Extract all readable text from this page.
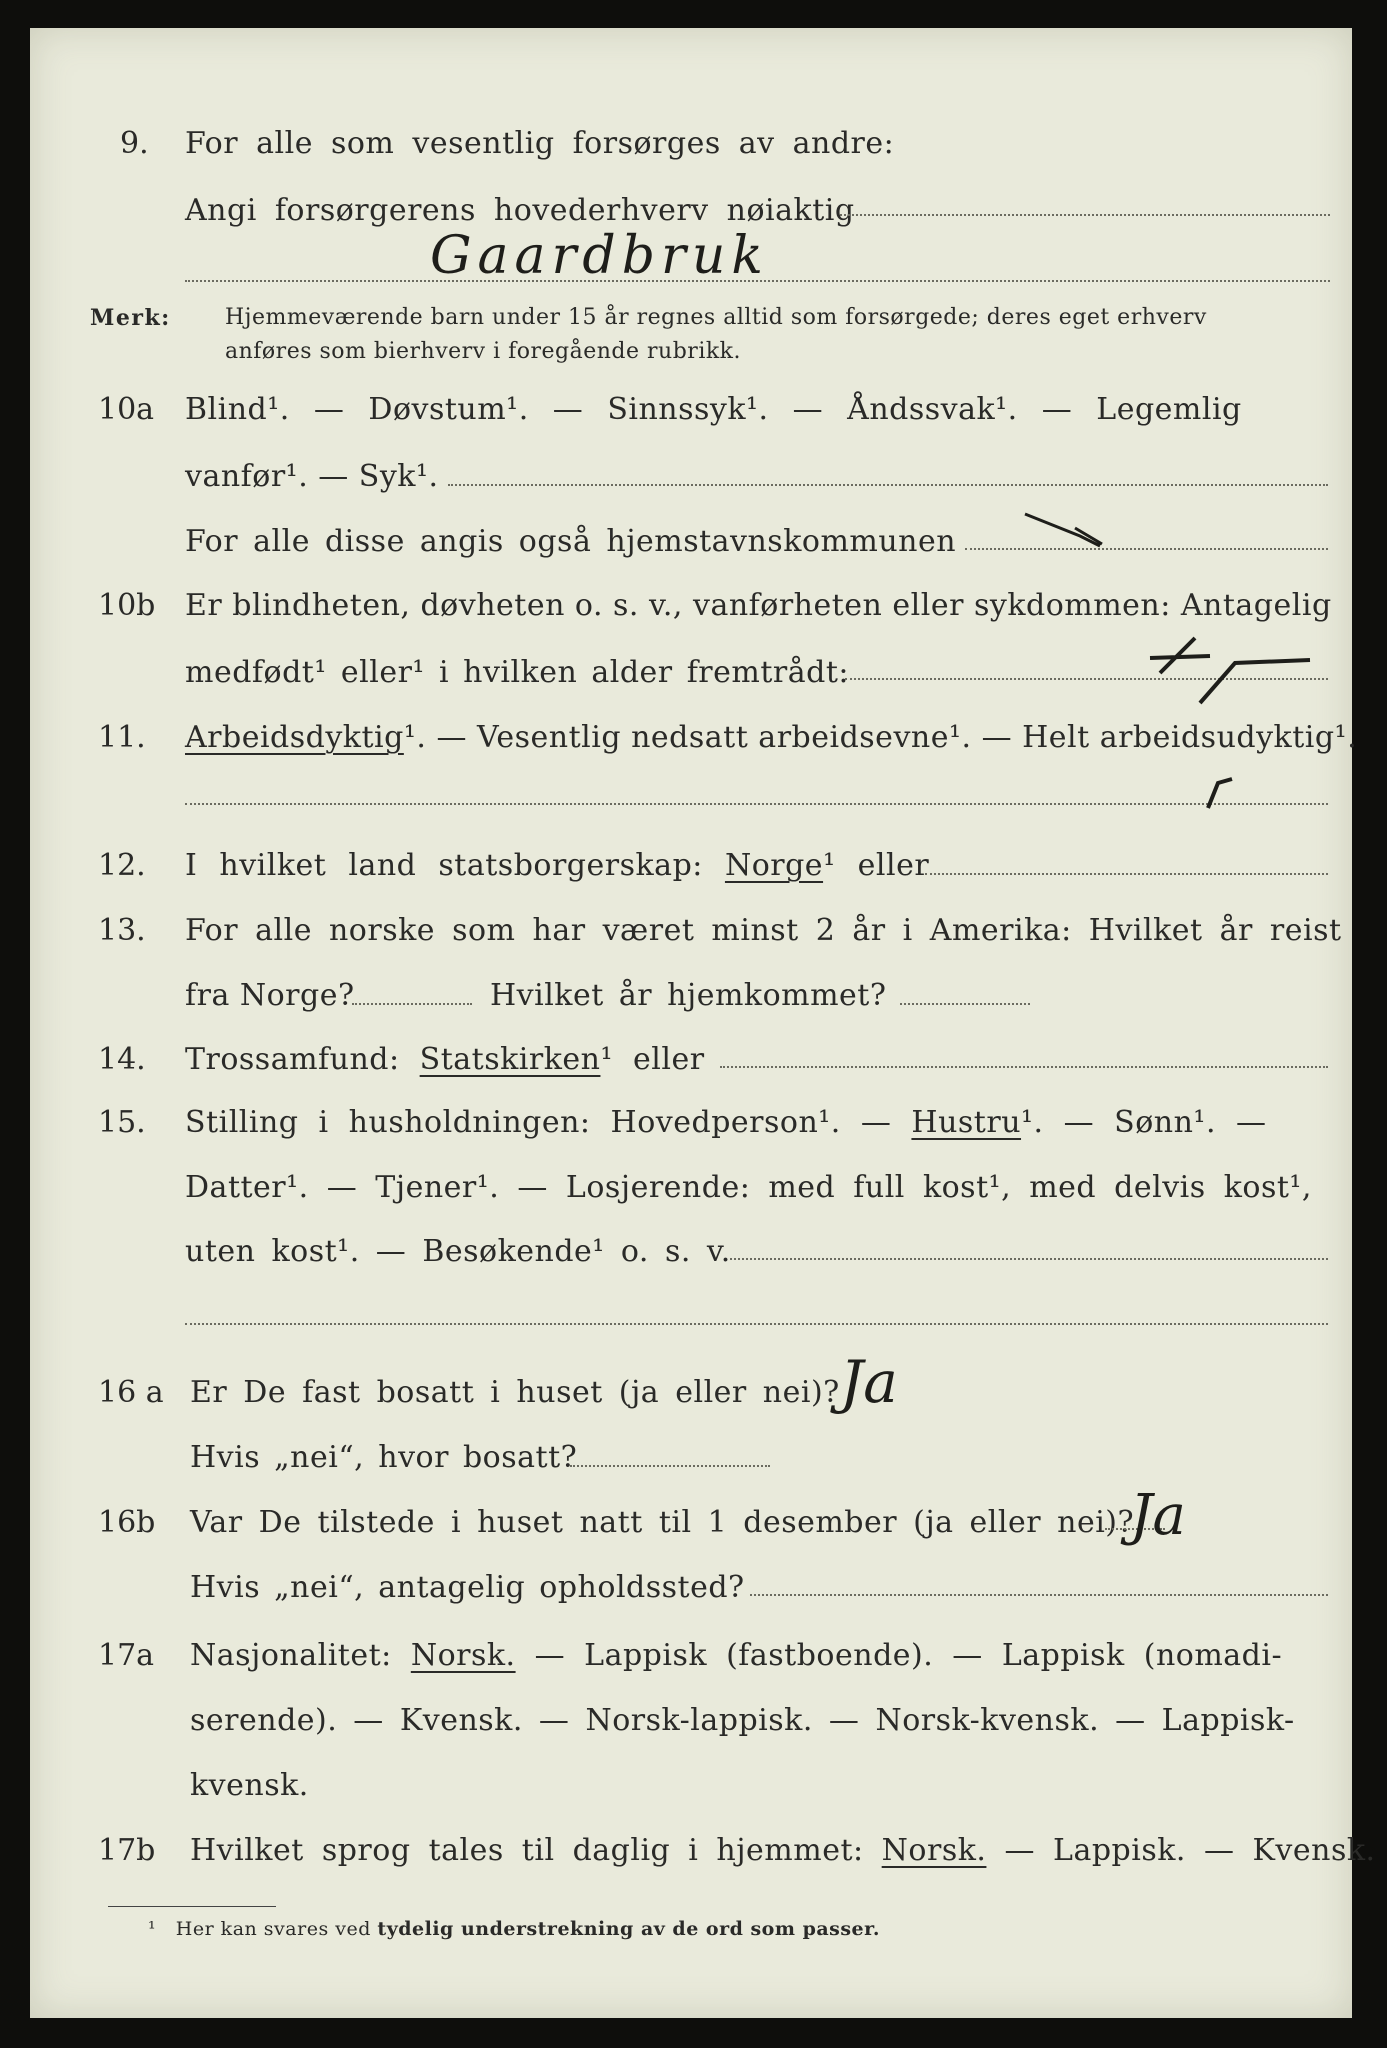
9. For alle som vesentlig forsørges av andre:
Angi forsørgerens hovederhverv nøiaktig
Gaardbruk
Merk: Hjemmeværende barn under 15 år regnes alltid som forsørgede; deres eget erhverv
anføres som bierhverv i foregående rubrikk.
10a Blind¹. — Døvstum¹. — Sinnssyk¹. — Åndssvak¹. — Legemlig
vanfør¹. — Syk¹.
For alle disse angis også hjemstavnskommunen
10b Er blindheten, døvheten o. s. v., vanførheten eller sykdommen: Antagelig
medfødt¹ eller¹ i hvilken alder fremtrådt:
11. Arbeidsdyktig¹. — Vesentlig nedsatt arbeidsevne¹. — Helt arbeidsudyktig¹.
12. I hvilket land statsborgerskap: Norge¹ eller
13. For alle norske som har været minst 2 år i Amerika: Hvilket år reist
fra Norge?	Hvilket år hjemkommet?
14. Trossamfund: Statskirken¹ eller
15. Stilling i husholdningen: Hovedperson¹. — Hustru¹. — Sønn¹. —
Datter¹. — Tjener¹. — Losjerende: med full kost¹, med delvis kost¹,
uten kost¹. — Besøkende¹ o. s. v.
16 a Er De fast bosatt i huset (ja eller nei)? Ja
Hvis „nei“, hvor bosatt?
16b Var De tilstede i huset natt til 1 desember (ja eller nei)?
Ja
Hvis „nei“, antagelig opholdssted?
17a Nasjonalitet: Norsk. — Lappisk (fastboende). — Lappisk (nomadi-
serende). — Kvensk. — Norsk-lappisk. — Norsk-kvensk. — Lappisk-
kvensk.
17b Hvilket sprog tales til daglig i hjemmet: Norsk. — Lappisk. — Kvensk.
¹ Her kan svares ved tydelig understrekning av de ord som passer.
